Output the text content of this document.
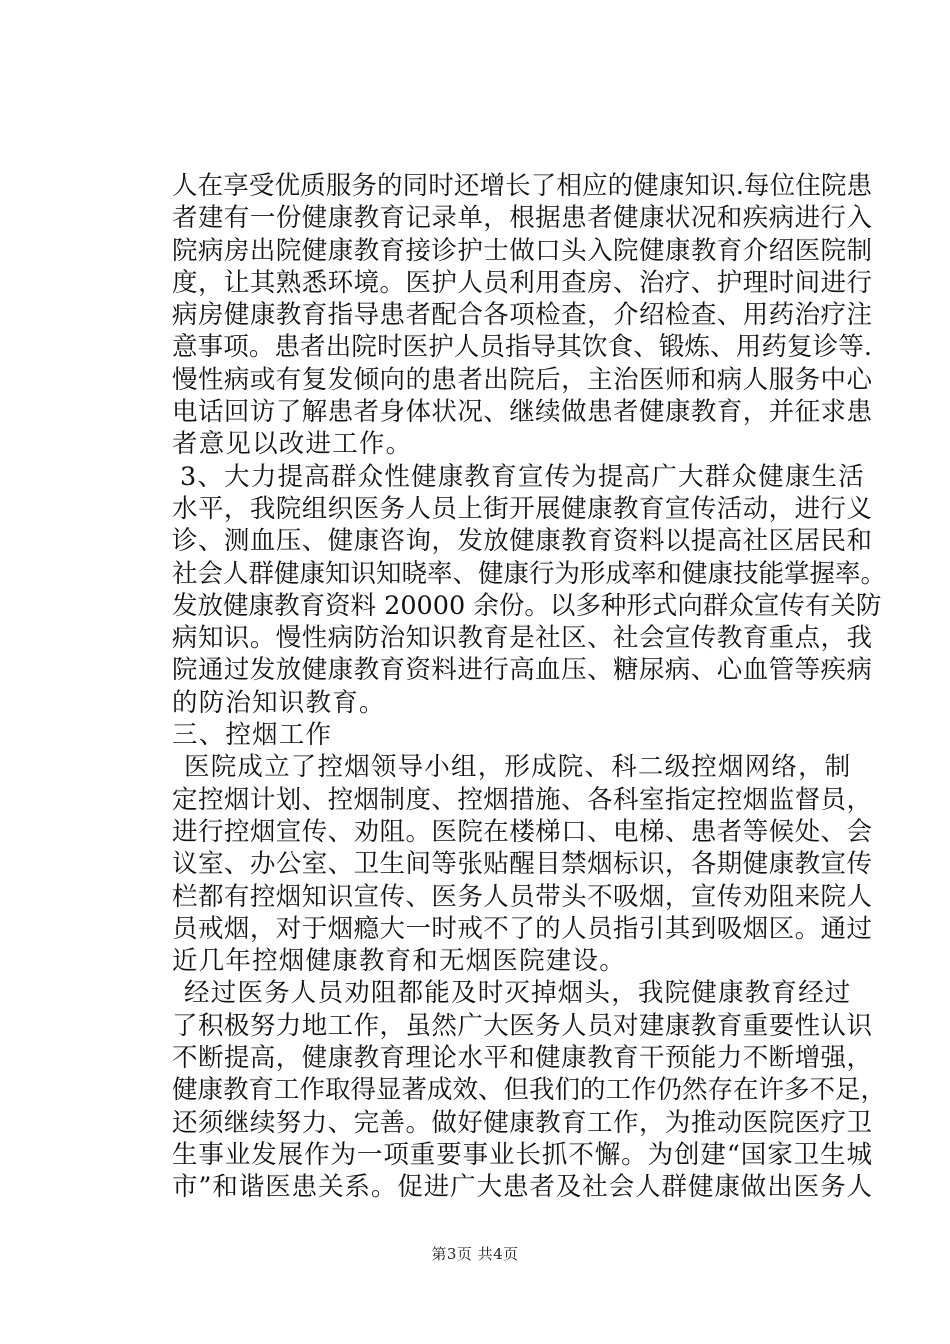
人在享受优质服务的同时还增长了相应的健康知识.每位住院患
者建有一份健康教育记录单，根据患者健康状况和疾病进行入
院病房出院健康教育接诊护士做口头入院健康教育介绍医院制
度，让其熟悉环境。医护人员利用查房、治疗、护理时间进行
病房健康教育指导患者配合各项检查，介绍检查、用药治疗注
意事项。患者出院时医护人员指导其饮食、锻炼、用药复诊等.
慢性病或有复发倾向的患者出院后，主治医师和病人服务中心
电话回访了解患者身体状况、继续做患者健康教育，并征求患
者意见以改进工作。
3、大力提高群众性健康教育宣传为提高广大群众健康生活
水平，我院组织医务人员上街开展健康教育宣传活动，进行义
诊、测血压、健康咨询，发放健康教育资料以提高社区居民和
社会人群健康知识知晓率、健康行为形成率和健康技能掌握率。
发放健康教育资料 20000 余份。以多种形式向群众宣传有关防
病知识。慢性病防治知识教育是社区、社会宣传教育重点，我
院通过发放健康教育资料进行高血压、糖尿病、心血管等疾病
的防治知识教育。
三、控烟工作
医院成立了控烟领导小组，形成院、科二级控烟网络，制
定控烟计划、控烟制度、控烟措施、各科室指定控烟监督员，
进行控烟宣传、劝阻。医院在楼梯口、电梯、患者等候处、会
议室、办公室、卫生间等张贴醒目禁烟标识，各期健康教宣传
栏都有控烟知识宣传、医务人员带头不吸烟，宣传劝阻来院人
员戒烟，对于烟瘾大一时戒不了的人员指引其到吸烟区。通过
近几年控烟健康教育和无烟医院建设。
经过医务人员劝阻都能及时灭掉烟头，我院健康教育经过
了积极努力地工作，虽然广大医务人员对建康教育重要性认识
不断提高，健康教育理论水平和健康教育干预能力不断增强，
健康教育工作取得显著成效、但我们的工作仍然存在许多不足，
还须继续努力、完善。做好健康教育工作，为推动医院医疗卫
生事业发展作为一项重要事业长抓不懈。为创建“国家卫生城
市”和谐医患关系。促进广大患者及社会人群健康做出医务人
第3页 共4页
